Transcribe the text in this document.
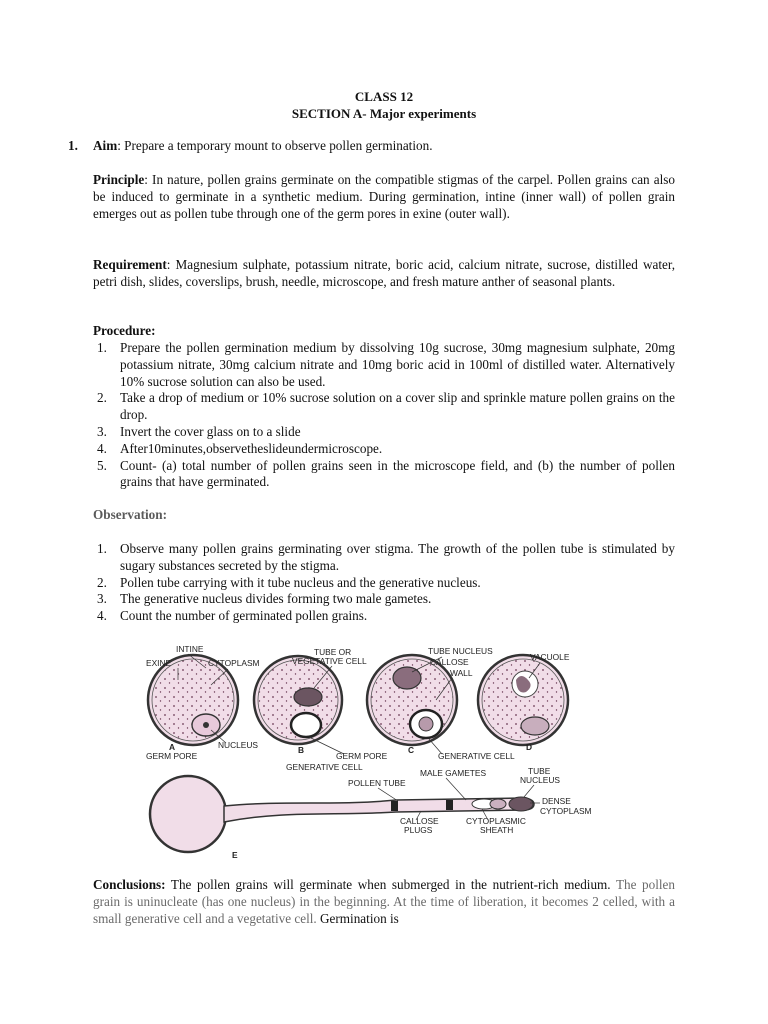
CLASS 12
SECTION A- Major experiments
1. Aim: Prepare a temporary mount to observe pollen germination.
Principle: In nature, pollen grains germinate on the compatible stigmas of the carpel. Pollen grains can also be induced to germinate in a synthetic medium. During germination, intine (inner wall) of pollen grain emerges out as pollen tube through one of the germ pores in exine (outer wall).
Requirement: Magnesium sulphate, potassium nitrate, boric acid, calcium nitrate, sucrose, distilled water, petri dish, slides, coverslips, brush, needle, microscope, and fresh mature anther of seasonal plants.
Procedure:
1. Prepare the pollen germination medium by dissolving 10g sucrose, 30mg magnesium sulphate, 20mg potassium nitrate, 30mg calcium nitrate and 10mg boric acid in 100ml of distilled water. Alternatively 10% sucrose solution can also be used.
2. Take a drop of medium or 10% sucrose solution on a cover slip and sprinkle mature pollen grains on the drop.
3. Invert the cover glass on to a slide
4. After10minutes,observetheslideundermicroscope.
5. Count- (a) total number of pollen grains seen in the microscope field, and (b) the number of pollen grains that have germinated.
Observation:
1. Observe many pollen grains germinating over stigma. The growth of the pollen tube is stimulated by sugary substances secreted by the stigma.
2. Pollen tube carrying with it tube nucleus and the generative nucleus.
3. The generative nucleus divides forming two male gametes.
4. Count the number of germinated pollen grains.
INTINE
EXINE	CYTOPLASM
NUCLEUS
A
GERM PORE
TUBE OR
VEGETATIVE CELL
B
GERM PORE
GENERATIVE CELL
TUBE NUCLEUS
CALLOSE
WALL
C
GENERATIVE CELL
VACUOLE
D
MALE GAMETES
POLLEN TUBE
TUBE
NUCLEUS
DENSE
CYTOPLASM
CALLOSE
PLUGS
CYTOPLASMIC
SHEATH
E
Conclusions: The pollen grains will germinate when submerged in the nutrient-rich medium. The pollen grain is uninucleate (has one nucleus) in the beginning. At the time of liberation, it becomes 2 celled, with a small generative cell and a vegetative cell. Germination is
